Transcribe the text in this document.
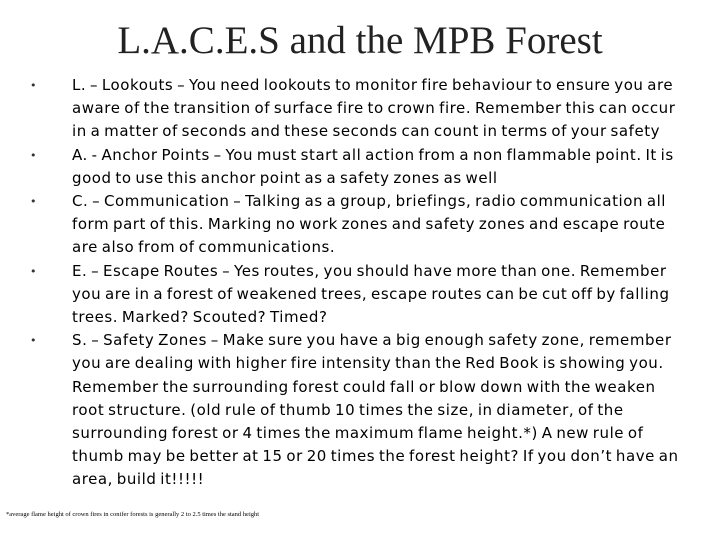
L.A.C.E.S and the MPB Forest
• L. – Lookouts – You need lookouts to monitor fire behaviour to ensure you are aware of the transition of surface fire to crown fire. Remember this can occur in a matter of seconds and these seconds can count in terms of your safety
• A. - Anchor Points – You must start all action from a non flammable point. It is good to use this anchor point as a safety zones as well
• C. – Communication – Talking as a group, briefings, radio communication all form part of this. Marking no work zones and safety zones and escape route are also from of communications.
• E. – Escape Routes – Yes routes, you should have more than one. Remember you are in a forest of weakened trees, escape routes can be cut off by falling trees. Marked? Scouted? Timed?
• S. – Safety Zones – Make sure you have a big enough safety zone, remember you are dealing with higher fire intensity than the Red Book is showing you. Remember the surrounding forest could fall or blow down with the weaken root structure. (old rule of thumb 10 times the size, in diameter, of the surrounding forest or 4 times the maximum flame height.*) A new rule of thumb may be better at 15 or 20 times the forest height? If you don’t have an area, build it!!!!!
*average flame height of crown fires in conifer forests is generally 2 to 2.5 times the stand height
